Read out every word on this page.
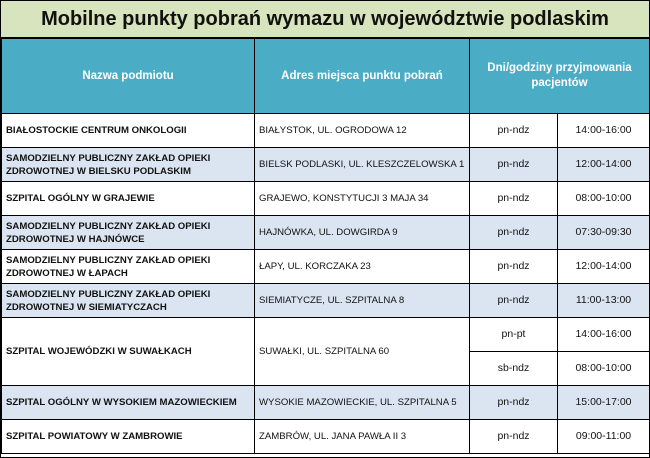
Mobilne punkty pobrań wymazu w województwie podlaskim
Nazwa podmiotu	Adres miejsca punktu pobrań	Dni/godziny przyjmowania pacjentów	
BIAŁOSTOCKIE CENTRUM ONKOLOGII	BIAŁYSTOK, UL. OGRODOWA 12	pn-ndz	14:00-16:00
SAMODZIELNY PUBLICZNY ZAKŁAD OPIEKI ZDROWOTNEJ W BIELSKU PODLASKIM	BIELSK PODLASKI, UL. KLESZCZELOWSKA 1	pn-ndz	12:00-14:00
SZPITAL OGÓLNY W GRAJEWIE	GRAJEWO, KONSTYTUCJI 3 MAJA 34	pn-ndz	08:00-10:00
SAMODZIELNY PUBLICZNY ZAKŁAD OPIEKI ZDROWOTNEJ W HAJNÓWCE	HAJNÓWKA, UL. DOWGIRDA 9	pn-ndz	07:30-09:30
SAMODZIELNY PUBLICZNY ZAKŁAD OPIEKI ZDROWOTNEJ W ŁAPACH	ŁAPY, UL. KORCZAKA 23	pn-ndz	12:00-14:00
SAMODZIELNY PUBLICZNY ZAKŁAD OPIEKI ZDROWOTNEJ W SIEMIATYCZACH	SIEMIATYCZE, UL. SZPITALNA 8	pn-ndz	11:00-13:00
SZPITAL WOJEWÓDZKI W SUWAŁKACH	SUWAŁKI, UL. SZPITALNA 60	pn-pt	14:00-16:00
		sb-ndz	08:00-10:00
SZPITAL OGÓLNY W WYSOKIEM MAZOWIECKIEM	WYSOKIE MAZOWIECKIE, UL. SZPITALNA 5	pn-ndz	15:00-17:00
SZPITAL POWIATOWY W ZAMBROWIE	ZAMBRÓW, UL. JANA PAWŁA II 3	pn-ndz	09:00-11:00
